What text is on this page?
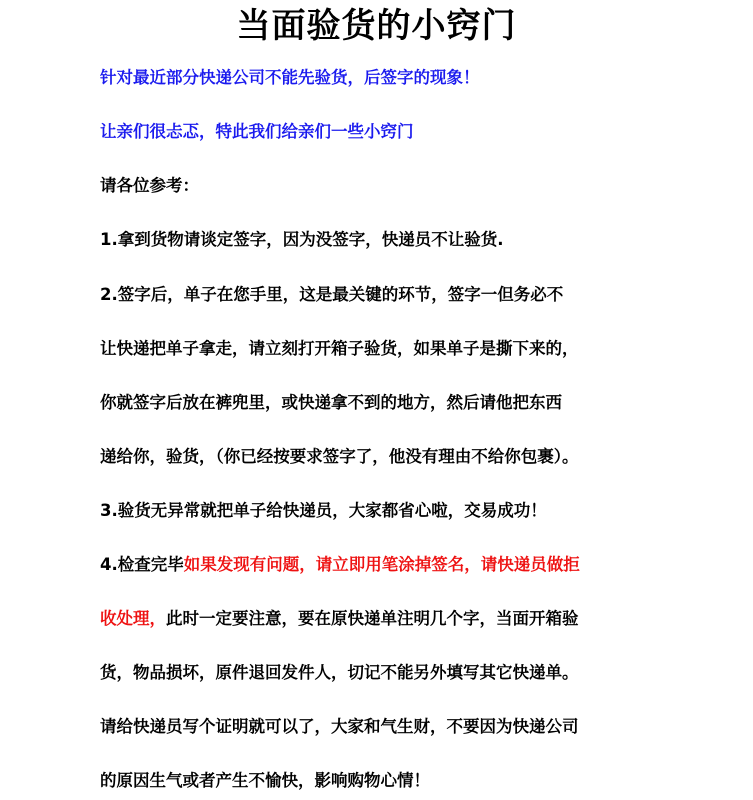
当面验货的小窍门
针对最近部分快递公司不能先验货，后签字的现象！
让亲们很忐忑，特此我们给亲们一些小窍门
请各位参考：
1.拿到货物请谈定签字，因为没签字，快递员不让验货.
2.签字后，单子在您手里，这是最关键的环节，签字一但务必不
让快递把单子拿走，请立刻打开箱子验货，如果单子是撕下来的，
你就签字后放在裤兜里，或快递拿不到的地方，然后请他把东西
递给你，验货，（你已经按要求签字了，他没有理由不给你包裹）。
3.验货无异常就把单子给快递员，大家都省心啦，交易成功！
4.检查完毕如果发现有问题，请立即用笔涂掉签名，请快递员做拒
收处理，此时一定要注意，要在原快递单注明几个字，当面开箱验
货，物品损坏，原件退回发件人，切记不能另外填写其它快递单。
请给快递员写个证明就可以了，大家和气生财，不要因为快递公司
的原因生气或者产生不愉快，影响购物心情！
